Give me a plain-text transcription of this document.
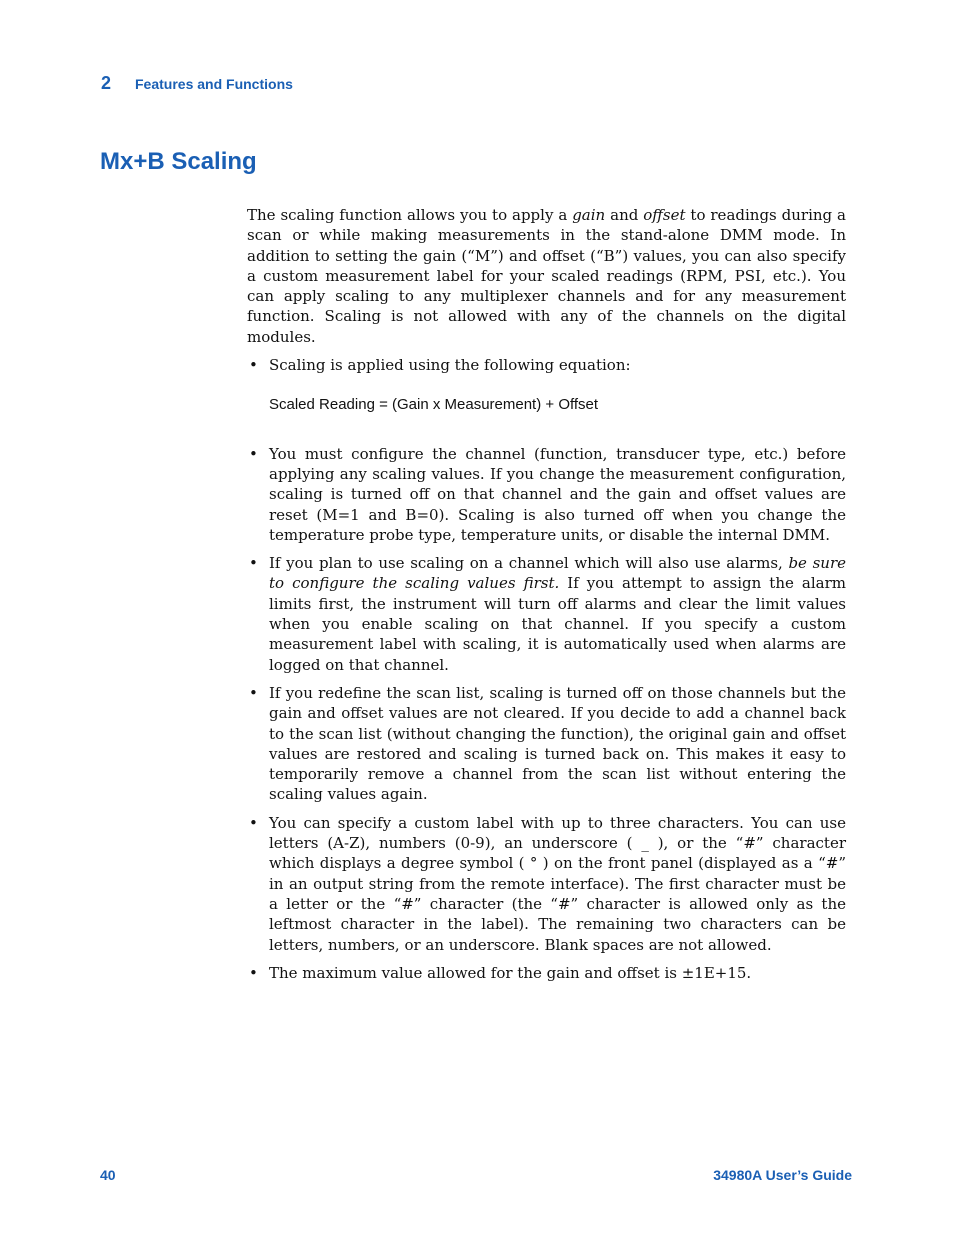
2 Features and Functions
Mx+B Scaling

The scaling function allows you to apply a gain and offset to readings during a scan or while making measurements in the stand-alone DMM mode. In addition to setting the gain (“M”) and offset (“B”) values, you can also specify a custom measurement label for your scaled readings (RPM, PSI, etc.). You can apply scaling to any multiplexer channels and for any measurement function. Scaling is not allowed with any of the channels on the digital modules.

• Scaling is applied using the following equation:
Scaled Reading = (Gain x Measurement) + Offset
• You must configure the channel (function, transducer type, etc.) before applying any scaling values. If you change the measurement configuration, scaling is turned off on that channel and the gain and offset values are reset (M=1 and B=0). Scaling is also turned off when you change the temperature probe type, temperature units, or disable the internal DMM.
• If you plan to use scaling on a channel which will also use alarms, be sure to configure the scaling values first. If you attempt to assign the alarm limits first, the instrument will turn off alarms and clear the limit values when you enable scaling on that channel. If you specify a custom measurement label with scaling, it is automatically used when alarms are logged on that channel.
• If you redefine the scan list, scaling is turned off on those channels but the gain and offset values are not cleared. If you decide to add a channel back to the scan list (without changing the function), the original gain and offset values are restored and scaling is turned back on. This makes it easy to temporarily remove a channel from the scan list without entering the scaling values again.
• You can specify a custom label with up to three characters. You can use letters (A-Z), numbers (0-9), an underscore ( _ ), or the “#” character which displays a degree symbol ( ° ) on the front panel (displayed as a “#” in an output string from the remote interface). The first character must be a letter or the “#” character (the “#” character is allowed only as the leftmost character in the label). The remaining two characters can be letters, numbers, or an underscore. Blank spaces are not allowed.
• The maximum value allowed for the gain and offset is ±1E+15.
40	34980A User’s Guide
